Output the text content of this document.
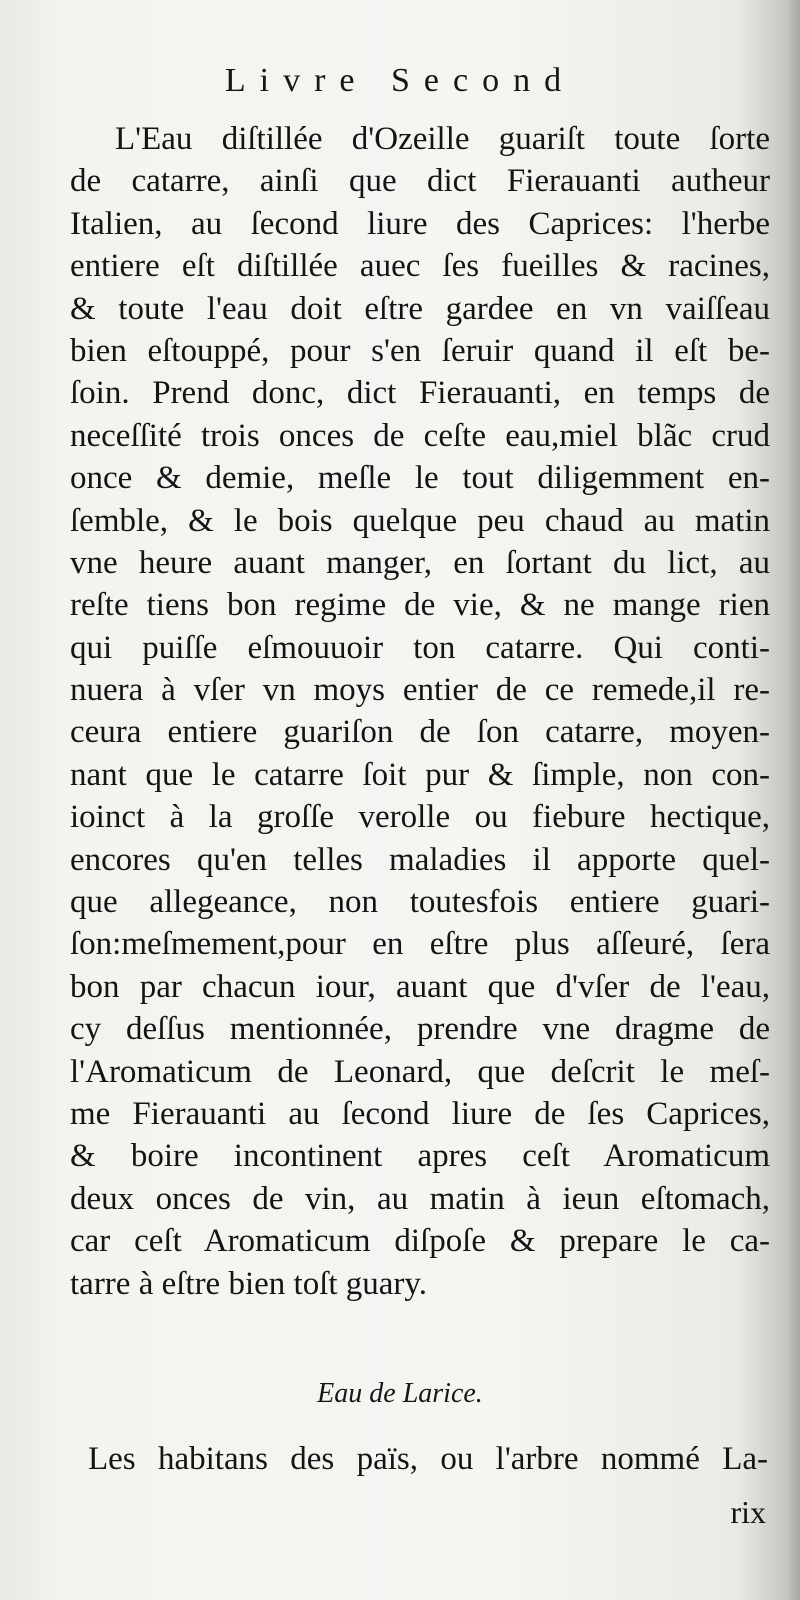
Livre Second
L'Eau diſtillée d'Ozeille guariſt toute ſorte
de catarre, ainſi que dict Fierauanti autheur
Italien, au ſecond liure des Caprices: l'herbe
entiere eſt diſtillée auec ſes fueilles & racines,
& toute l'eau doit eſtre gardee en vn vaiſſeau
bien eſtouppé, pour s'en ſeruir quand il eſt be-
ſoin. Prend donc, dict Fierauanti, en temps de
neceſſité trois onces de ceſte eau,miel blãc crud
once & demie, meſle le tout diligemment en-
ſemble, & le bois quelque peu chaud au matin
vne heure auant manger, en ſortant du lict, au
reſte tiens bon regime de vie, & ne mange rien
qui puiſſe eſmouuoir ton catarre. Qui conti-
nuera à vſer vn moys entier de ce remede,il re-
ceura entiere guariſon de ſon catarre, moyen-
nant que le catarre ſoit pur & ſimple, non con-
ioinct à la groſſe verolle ou fiebure hectique,
encores qu'en telles maladies il apporte quel-
que allegeance, non toutesfois entiere guari-
ſon:meſmement,pour en eſtre plus aſſeuré, ſera
bon par chacun iour, auant que d'vſer de l'eau,
cy deſſus mentionnée, prendre vne dragme de
l'Aromaticum de Leonard, que deſcrit le meſ-
me Fierauanti au ſecond liure de ſes Caprices,
& boire incontinent apres ceſt Aromaticum
deux onces de vin, au matin à ieun eſtomach,
car ceſt Aromaticum diſpoſe & prepare le ca-
tarre à eſtre bien toſt guary.
Eau de Larice.
Les habitans des païs, ou l'arbre nommé La-
rix
